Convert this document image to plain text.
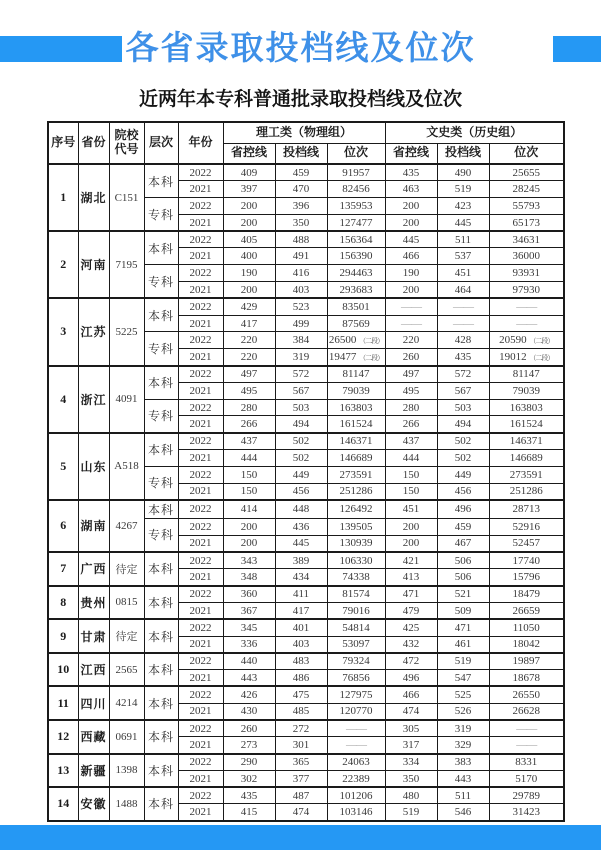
各省录取投档线及位次
近两年本专科普通批录取投档线及位次
序号	省份	院校代号	层次	年份	理工类（物理组）			文史类（历史组）		
					省控线	投档线	位次	省控线	投档线	位次
1	湖北	C151	本科	2022	409	459	91957	435	490	25655
				2021	397	470	82456	463	519	28245
			专科	2022	200	396	135953	200	423	55793
				2021	200	350	127477	200	445	65173
2	河南	7195	本科	2022	405	488	156364	445	511	34631
				2021	400	491	156390	466	537	36000
			专科	2022	190	416	294463	190	451	93931
				2021	200	403	293683	200	464	97930
3	江苏	5225	本科	2022	429	523	83501	——	——	——
				2021	417	499	87569	——	——	——
			专科	2022	220	384	26500 （二段）	220	428	20590 （二段）
				2021	220	319	19477 （二段）	260	435	19012 （二段）
4	浙江	4091	本科	2022	497	572	81147	497	572	81147
				2021	495	567	79039	495	567	79039
			专科	2022	280	503	163803	280	503	163803
				2021	266	494	161524	266	494	161524
5	山东	A518	本科	2022	437	502	146371	437	502	146371
				2021	444	502	146689	444	502	146689
			专科	2022	150	449	273591	150	449	273591
				2021	150	456	251286	150	456	251286
6	湖南	4267	本科	2022	414	448	126492	451	496	28713
			专科	2022	200	436	139505	200	459	52916
				2021	200	445	130939	200	467	52457
7	广西	待定	本科	2022	343	389	106330	421	506	17740
				2021	348	434	74338	413	506	15796
8	贵州	0815	本科	2022	360	411	81574	471	521	18479
				2021	367	417	79016	479	509	26659
9	甘肃	待定	本科	2022	345	401	54814	425	471	11050
				2021	336	403	53097	432	461	18042
10	江西	2565	本科	2022	440	483	79324	472	519	19897
				2021	443	486	76856	496	547	18678
11	四川	4214	本科	2022	426	475	127975	466	525	26550
				2021	430	485	120770	474	526	26628
12	西藏	0691	本科	2022	260	272	——	305	319	——
				2021	273	301	——	317	329	——
13	新疆	1398	本科	2022	290	365	24063	334	383	8331
				2021	302	377	22389	350	443	5170
14	安徽	1488	本科	2022	435	487	101206	480	511	29789
				2021	415	474	103146	519	546	31423
